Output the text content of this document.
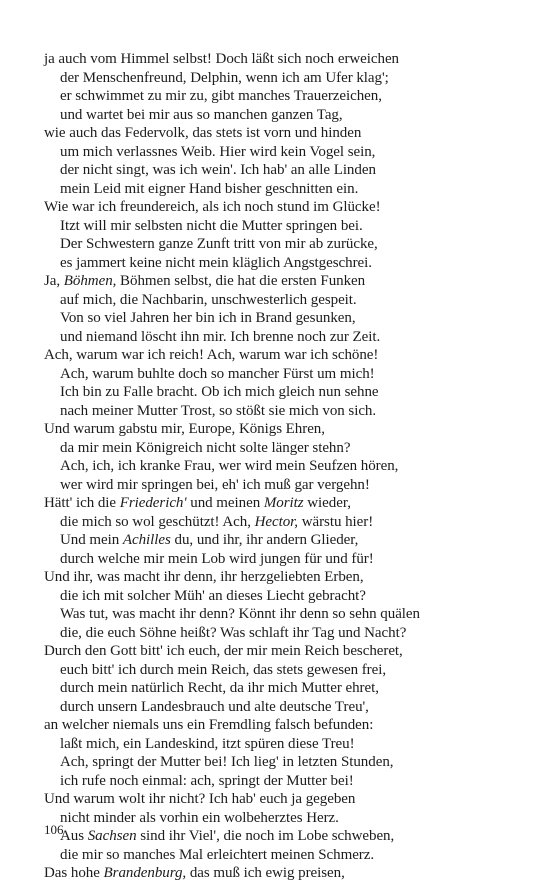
ja auch vom Himmel selbst! Doch läßt sich noch erweichen
der Menschenfreund, Delphin, wenn ich am Ufer klag';
er schwimmet zu mir zu, gibt manches Trauerzeichen,
und wartet bei mir aus so manchen ganzen Tag,
wie auch das Federvolk, das stets ist vorn und hinden
um mich verlassnes Weib. Hier wird kein Vogel sein,
der nicht singt, was ich wein'. Ich hab' an alle Linden
mein Leid mit eigner Hand bisher geschnitten ein.
Wie war ich freundereich, als ich noch stund im Glücke!
Itzt will mir selbsten nicht die Mutter springen bei.
Der Schwestern ganze Zunft tritt von mir ab zurücke,
es jammert keine nicht mein kläglich Angstgeschrei.
Ja, Böhmen, Böhmen selbst, die hat die ersten Funken
auf mich, die Nachbarin, unschwesterlich gespeit.
Von so viel Jahren her bin ich in Brand gesunken,
und niemand löscht ihn mir. Ich brenne noch zur Zeit.
Ach, warum war ich reich! Ach, warum war ich schöne!
Ach, warum buhlte doch so mancher Fürst um mich!
Ich bin zu Falle bracht. Ob ich mich gleich nun sehne
nach meiner Mutter Trost, so stößt sie mich von sich.
Und warum gabstu mir, Europe, Königs Ehren,
da mir mein Königreich nicht solte länger stehn?
Ach, ich, ich kranke Frau, wer wird mein Seufzen hören,
wer wird mir springen bei, eh' ich muß gar vergehn!
Hätt' ich die Friederich' und meinen Moritz wieder,
die mich so wol geschützt! Ach, Hector, wärstu hier!
Und mein Achilles du, und ihr, ihr andern Glieder,
durch welche mir mein Lob wird jungen für und für!
Und ihr, was macht ihr denn, ihr herzgeliebten Erben,
die ich mit solcher Müh' an dieses Liecht gebracht?
Was tut, was macht ihr denn? Könnt ihr denn so sehn quälen
die, die euch Söhne heißt? Was schlaft ihr Tag und Nacht?
Durch den Gott bitt' ich euch, der mir mein Reich bescheret,
euch bitt' ich durch mein Reich, das stets gewesen frei,
durch mein natürlich Recht, da ihr mich Mutter ehret,
durch unsern Landesbrauch und alte deutsche Treu',
an welcher niemals uns ein Fremdling falsch befunden:
laßt mich, ein Landeskind, itzt spüren diese Treu!
Ach, springt der Mutter bei! Ich lieg' in letzten Stunden,
ich rufe noch einmal: ach, springt der Mutter bei!
Und warum wolt ihr nicht? Ich hab' euch ja gegeben
nicht minder als vorhin ein wolbeherztes Herz.
Aus Sachsen sind ihr Viel', die noch im Lobe schweben,
die mir so manches Mal erleichtert meinen Schmerz.
Das hohe Brandenburg, das muß ich ewig preisen,
106
